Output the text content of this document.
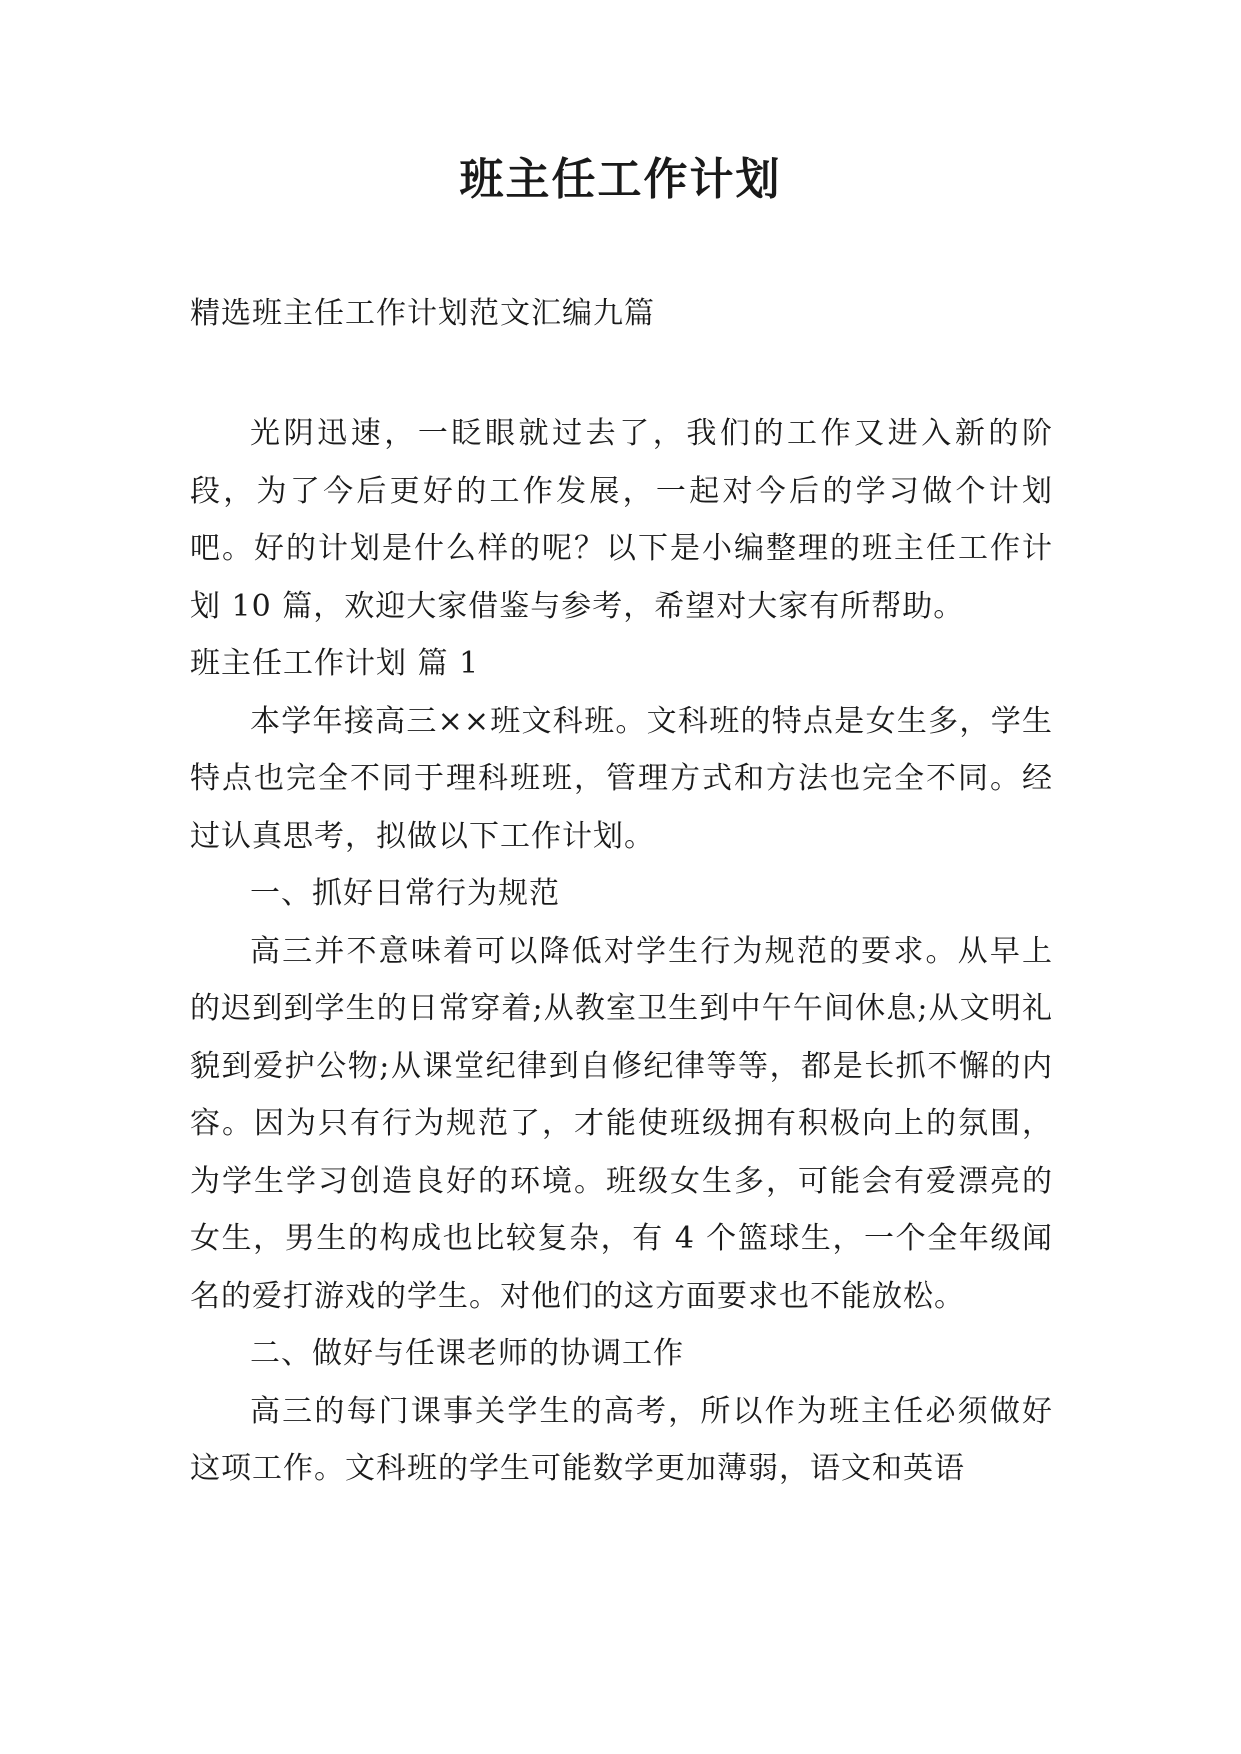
班主任工作计划
精选班主任工作计划范文汇编九篇

光阴迅速，一眨眼就过去了，我们的工作又进入新的阶段，为了今后更好的工作发展，一起对今后的学习做个计划吧。好的计划是什么样的呢？以下是小编整理的班主任工作计划 10 篇，欢迎大家借鉴与参考，希望对大家有所帮助。

班主任工作计划 篇 1

本学年接高三××班文科班。文科班的特点是女生多，学生特点也完全不同于理科班班，管理方式和方法也完全不同。经过认真思考，拟做以下工作计划。

一、抓好日常行为规范

高三并不意味着可以降低对学生行为规范的要求。从早上的迟到到学生的日常穿着;从教室卫生到中午午间休息;从文明礼貌到爱护公物;从课堂纪律到自修纪律等等，都是长抓不懈的内容。因为只有行为规范了，才能使班级拥有积极向上的氛围，为学生学习创造良好的环境。班级女生多，可能会有爱漂亮的女生，男生的构成也比较复杂，有 4 个篮球生，一个全年级闻名的爱打游戏的学生。对他们的这方面要求也不能放松。

二、做好与任课老师的协调工作

高三的每门课事关学生的高考，所以作为班主任必须做好这项工作。文科班的学生可能数学更加薄弱，语文和英语
